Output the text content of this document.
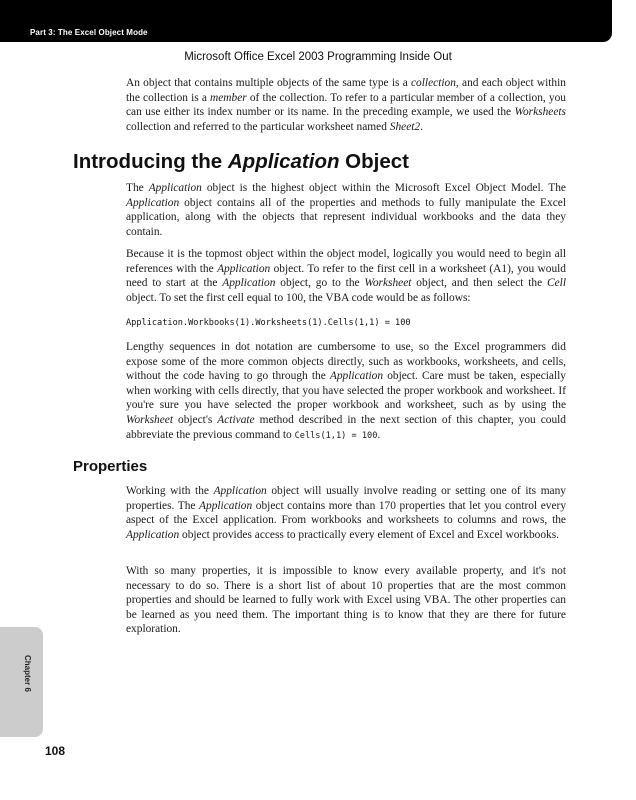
Part 3: The Excel Object Mode
Microsoft Office Excel 2003 Programming Inside Out

An object that contains multiple objects of the same type is a collection, and each object within the collection is a member of the collection. To refer to a particular member of a collection, you can use either its index number or its name. In the preceding example, we used the Worksheets collection and referred to the particular worksheet named Sheet2.

Introducing the Application Object

The Application object is the highest object within the Microsoft Excel Object Model. The Application object contains all of the properties and methods to fully manipulate the Excel application, along with the objects that represent individual workbooks and the data they contain.

Because it is the topmost object within the object model, logically you would need to begin all references with the Application object. To refer to the first cell in a worksheet (A1), you would need to start at the Application object, go to the Worksheet object, and then select the Cell object. To set the first cell equal to 100, the VBA code would be as follows:

Application.Workbooks(1).Worksheets(1).Cells(1,1) = 100

Lengthy sequences in dot notation are cumbersome to use, so the Excel programmers did expose some of the more common objects directly, such as workbooks, worksheets, and cells, without the code having to go through the Application object. Care must be taken, especially when working with cells directly, that you have selected the proper workbook and worksheet. If you're sure you have selected the proper workbook and worksheet, such as by using the Worksheet object's Activate method described in the next section of this chapter, you could abbreviate the previous command to Cells(1,1) = 100.

Properties

Working with the Application object will usually involve reading or setting one of its many properties. The Application object contains more than 170 properties that let you control every aspect of the Excel application. From workbooks and worksheets to columns and rows, the Application object provides access to practically every element of Excel and Excel workbooks.

With so many properties, it is impossible to know every available property, and it's not necessary to do so. There is a short list of about 10 properties that are the most common properties and should be learned to fully work with Excel using VBA. The other properties can be learned as you need them. The important thing is to know that they are there for future exploration.

Chapter 6
108
